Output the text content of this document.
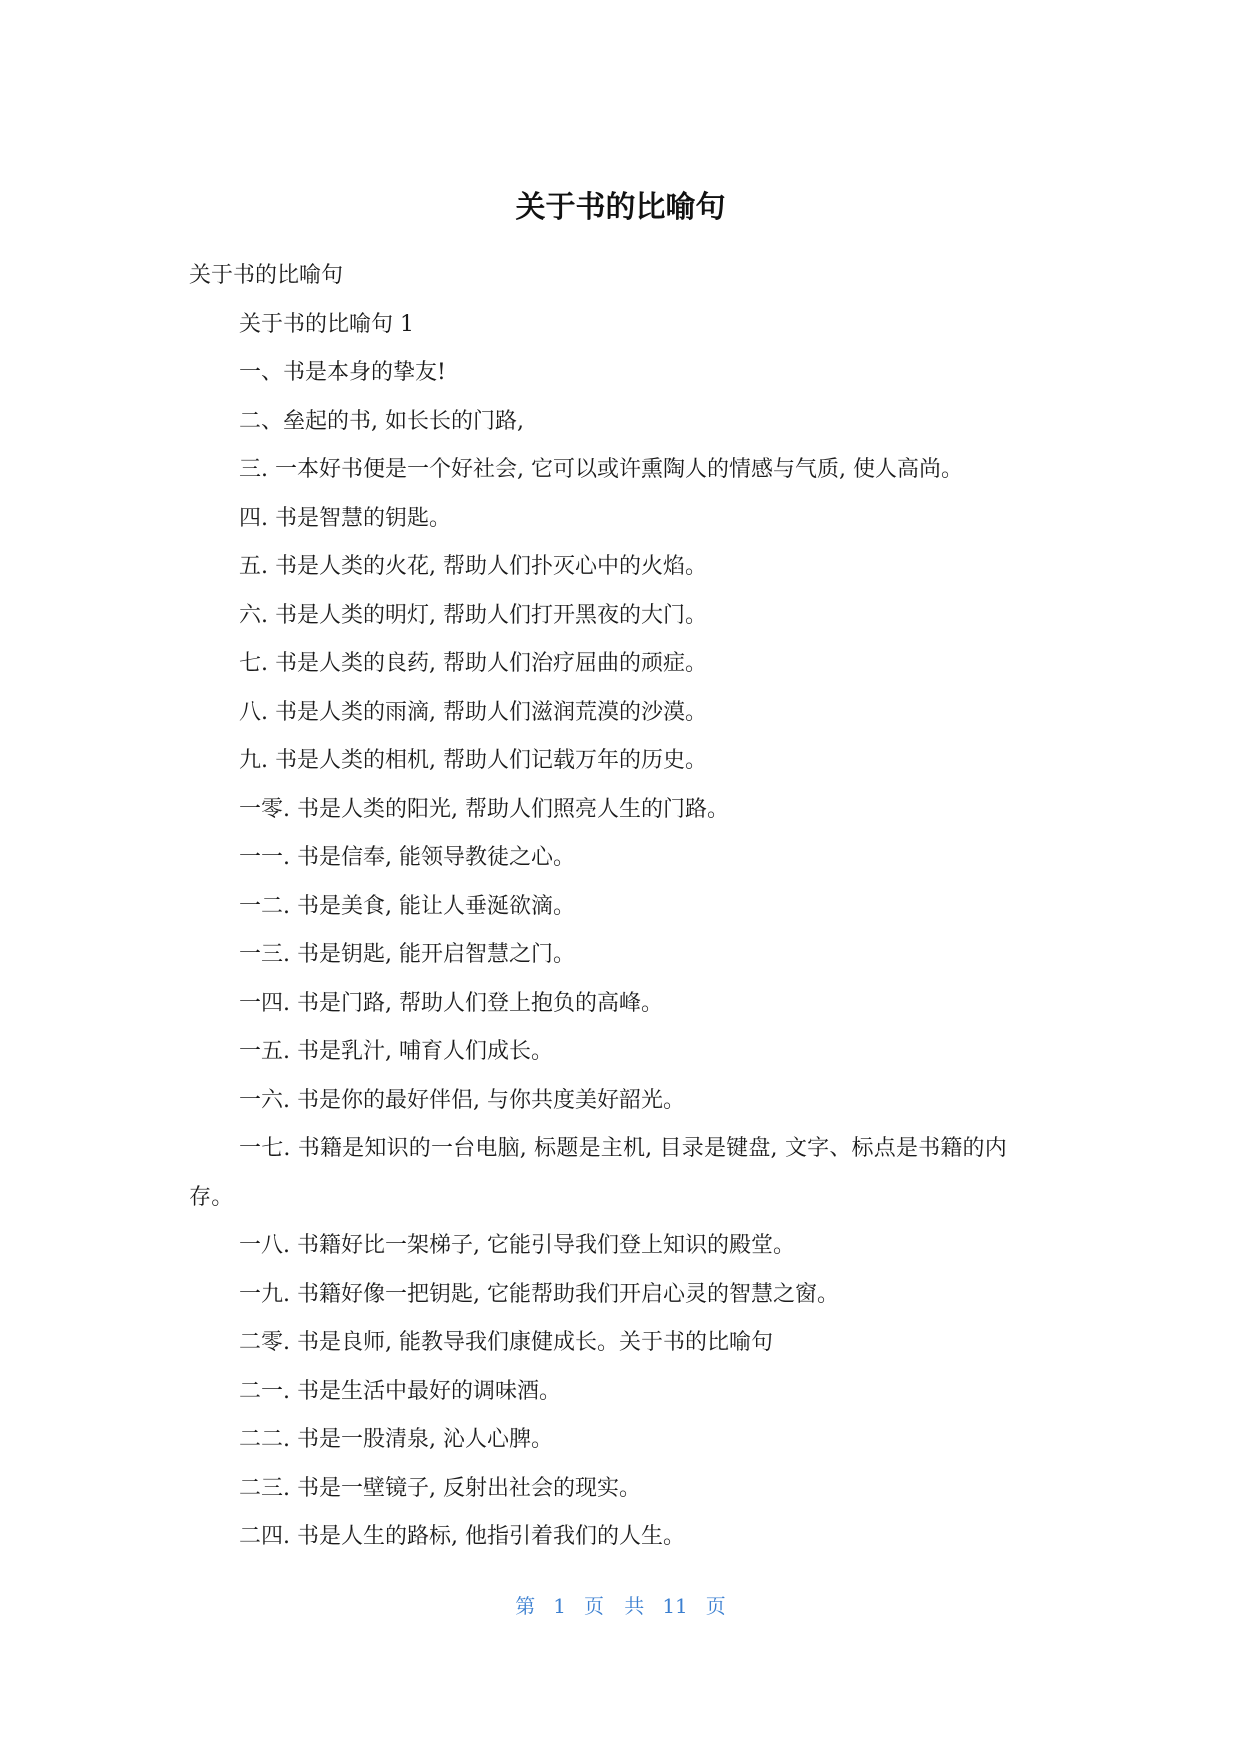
关于书的比喻句

关于书的比喻句

关于书的比喻句 1

一、书是本身的挚友!

二、垒起的书, 如长长的门路,

三. 一本好书便是一个好社会, 它可以或许熏陶人的情感与气质, 使人高尚。

四. 书是智慧的钥匙。

五. 书是人类的火花, 帮助人们扑灭心中的火焰。

六. 书是人类的明灯, 帮助人们打开黑夜的大门。

七. 书是人类的良药, 帮助人们治疗屈曲的顽症。

八. 书是人类的雨滴, 帮助人们滋润荒漠的沙漠。

九. 书是人类的相机, 帮助人们记载万年的历史。

一零. 书是人类的阳光, 帮助人们照亮人生的门路。

一一. 书是信奉, 能领导教徒之心。

一二. 书是美食, 能让人垂涎欲滴。

一三. 书是钥匙, 能开启智慧之门。

一四. 书是门路, 帮助人们登上抱负的高峰。

一五. 书是乳汁, 哺育人们成长。

一六. 书是你的最好伴侣, 与你共度美好韶光。

一七. 书籍是知识的一台电脑, 标题是主机, 目录是键盘, 文字、标点是书籍的内存。

一八. 书籍好比一架梯子, 它能引导我们登上知识的殿堂。

一九. 书籍好像一把钥匙, 它能帮助我们开启心灵的智慧之窗。

二零. 书是良师, 能教导我们康健成长。关于书的比喻句

二一. 书是生活中最好的调味酒。

二二. 书是一股清泉, 沁人心脾。

二三. 书是一壁镜子, 反射出社会的现实。

二四. 书是人生的路标, 他指引着我们的人生。

第 1 页 共 11 页
